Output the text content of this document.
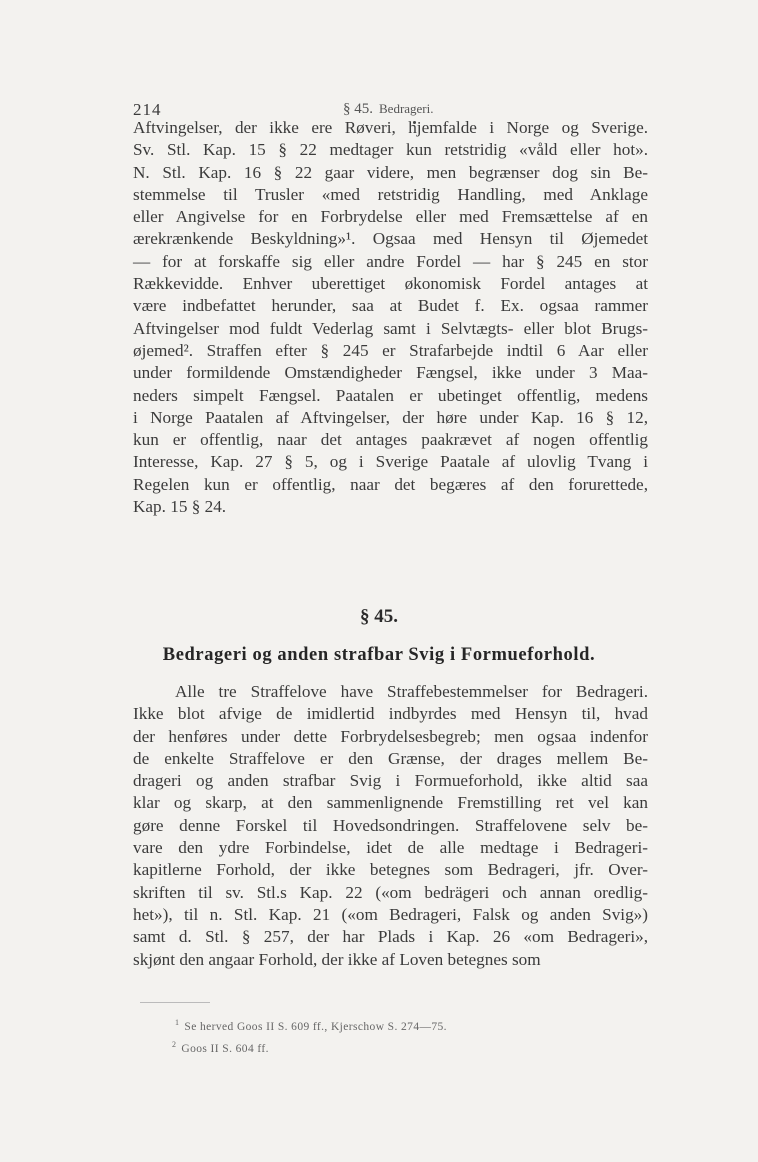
214	§ 45. Bedrageri.
Aftvingelser, der ikke ere Røveri, hjemfalde i Norge og Sverige.
Sv. Stl. Kap. 15 § 22 medtager kun retstridig «våld eller hot».
N. Stl. Kap. 16 § 22 gaar videre, men begrænser dog sin Be-
stemmelse til Trusler «med retstridig Handling, med Anklage
eller Angivelse for en Forbrydelse eller med Fremsættelse af en
ærekrænkende Beskyldning»¹. Ogsaa med Hensyn til Øjemedet
— for at forskaffe sig eller andre Fordel — har § 245 en stor
Rækkevidde. Enhver uberettiget økonomisk Fordel antages at
være indbefattet herunder, saa at Budet f. Ex. ogsaa rammer
Aftvingelser mod fuldt Vederlag samt i Selvtægts- eller blot Brugs-
øjemed². Straffen efter § 245 er Strafarbejde indtil 6 Aar eller
under formildende Omstændigheder Fængsel, ikke under 3 Maa-
neders simpelt Fængsel. Paatalen er ubetinget offentlig, medens
i Norge Paatalen af Aftvingelser, der høre under Kap. 16 § 12,
kun er offentlig, naar det antages paakrævet af nogen offentlig
Interesse, Kap. 27 § 5, og i Sverige Paatale af ulovlig Tvang i
Regelen kun er offentlig, naar det begæres af den forurettede,
Kap. 15 § 24.
§ 45.
Bedrageri og anden strafbar Svig i Formueforhold.
Alle tre Straffelove have Straffebestemmelser for Bedrageri.
Ikke blot afvige de imidlertid indbyrdes med Hensyn til, hvad
der henføres under dette Forbrydelsesbegreb; men ogsaa indenfor
de enkelte Straffelove er den Grænse, der drages mellem Be-
drageri og anden strafbar Svig i Formueforhold, ikke altid saa
klar og skarp, at den sammenlignende Fremstilling ret vel kan
gøre denne Forskel til Hovedsondringen. Straffelovene selv be-
vare den ydre Forbindelse, idet de alle medtage i Bedrageri-
kapitlerne Forhold, der ikke betegnes som Bedrageri, jfr. Over-
skriften til sv. Stl.s Kap. 22 («om bedrägeri och annan oredlig-
het»), til n. Stl. Kap. 21 («om Bedrageri, Falsk og anden Svig»)
samt d. Stl. § 257, der har Plads i Kap. 26 «om Bedrageri»,
skjønt den angaar Forhold, der ikke af Loven betegnes som
$^1$ Se herved Goos II S. 609 ff., Kjerschow S. 274—75.
$^2$ Goos II S. 604 ff.
